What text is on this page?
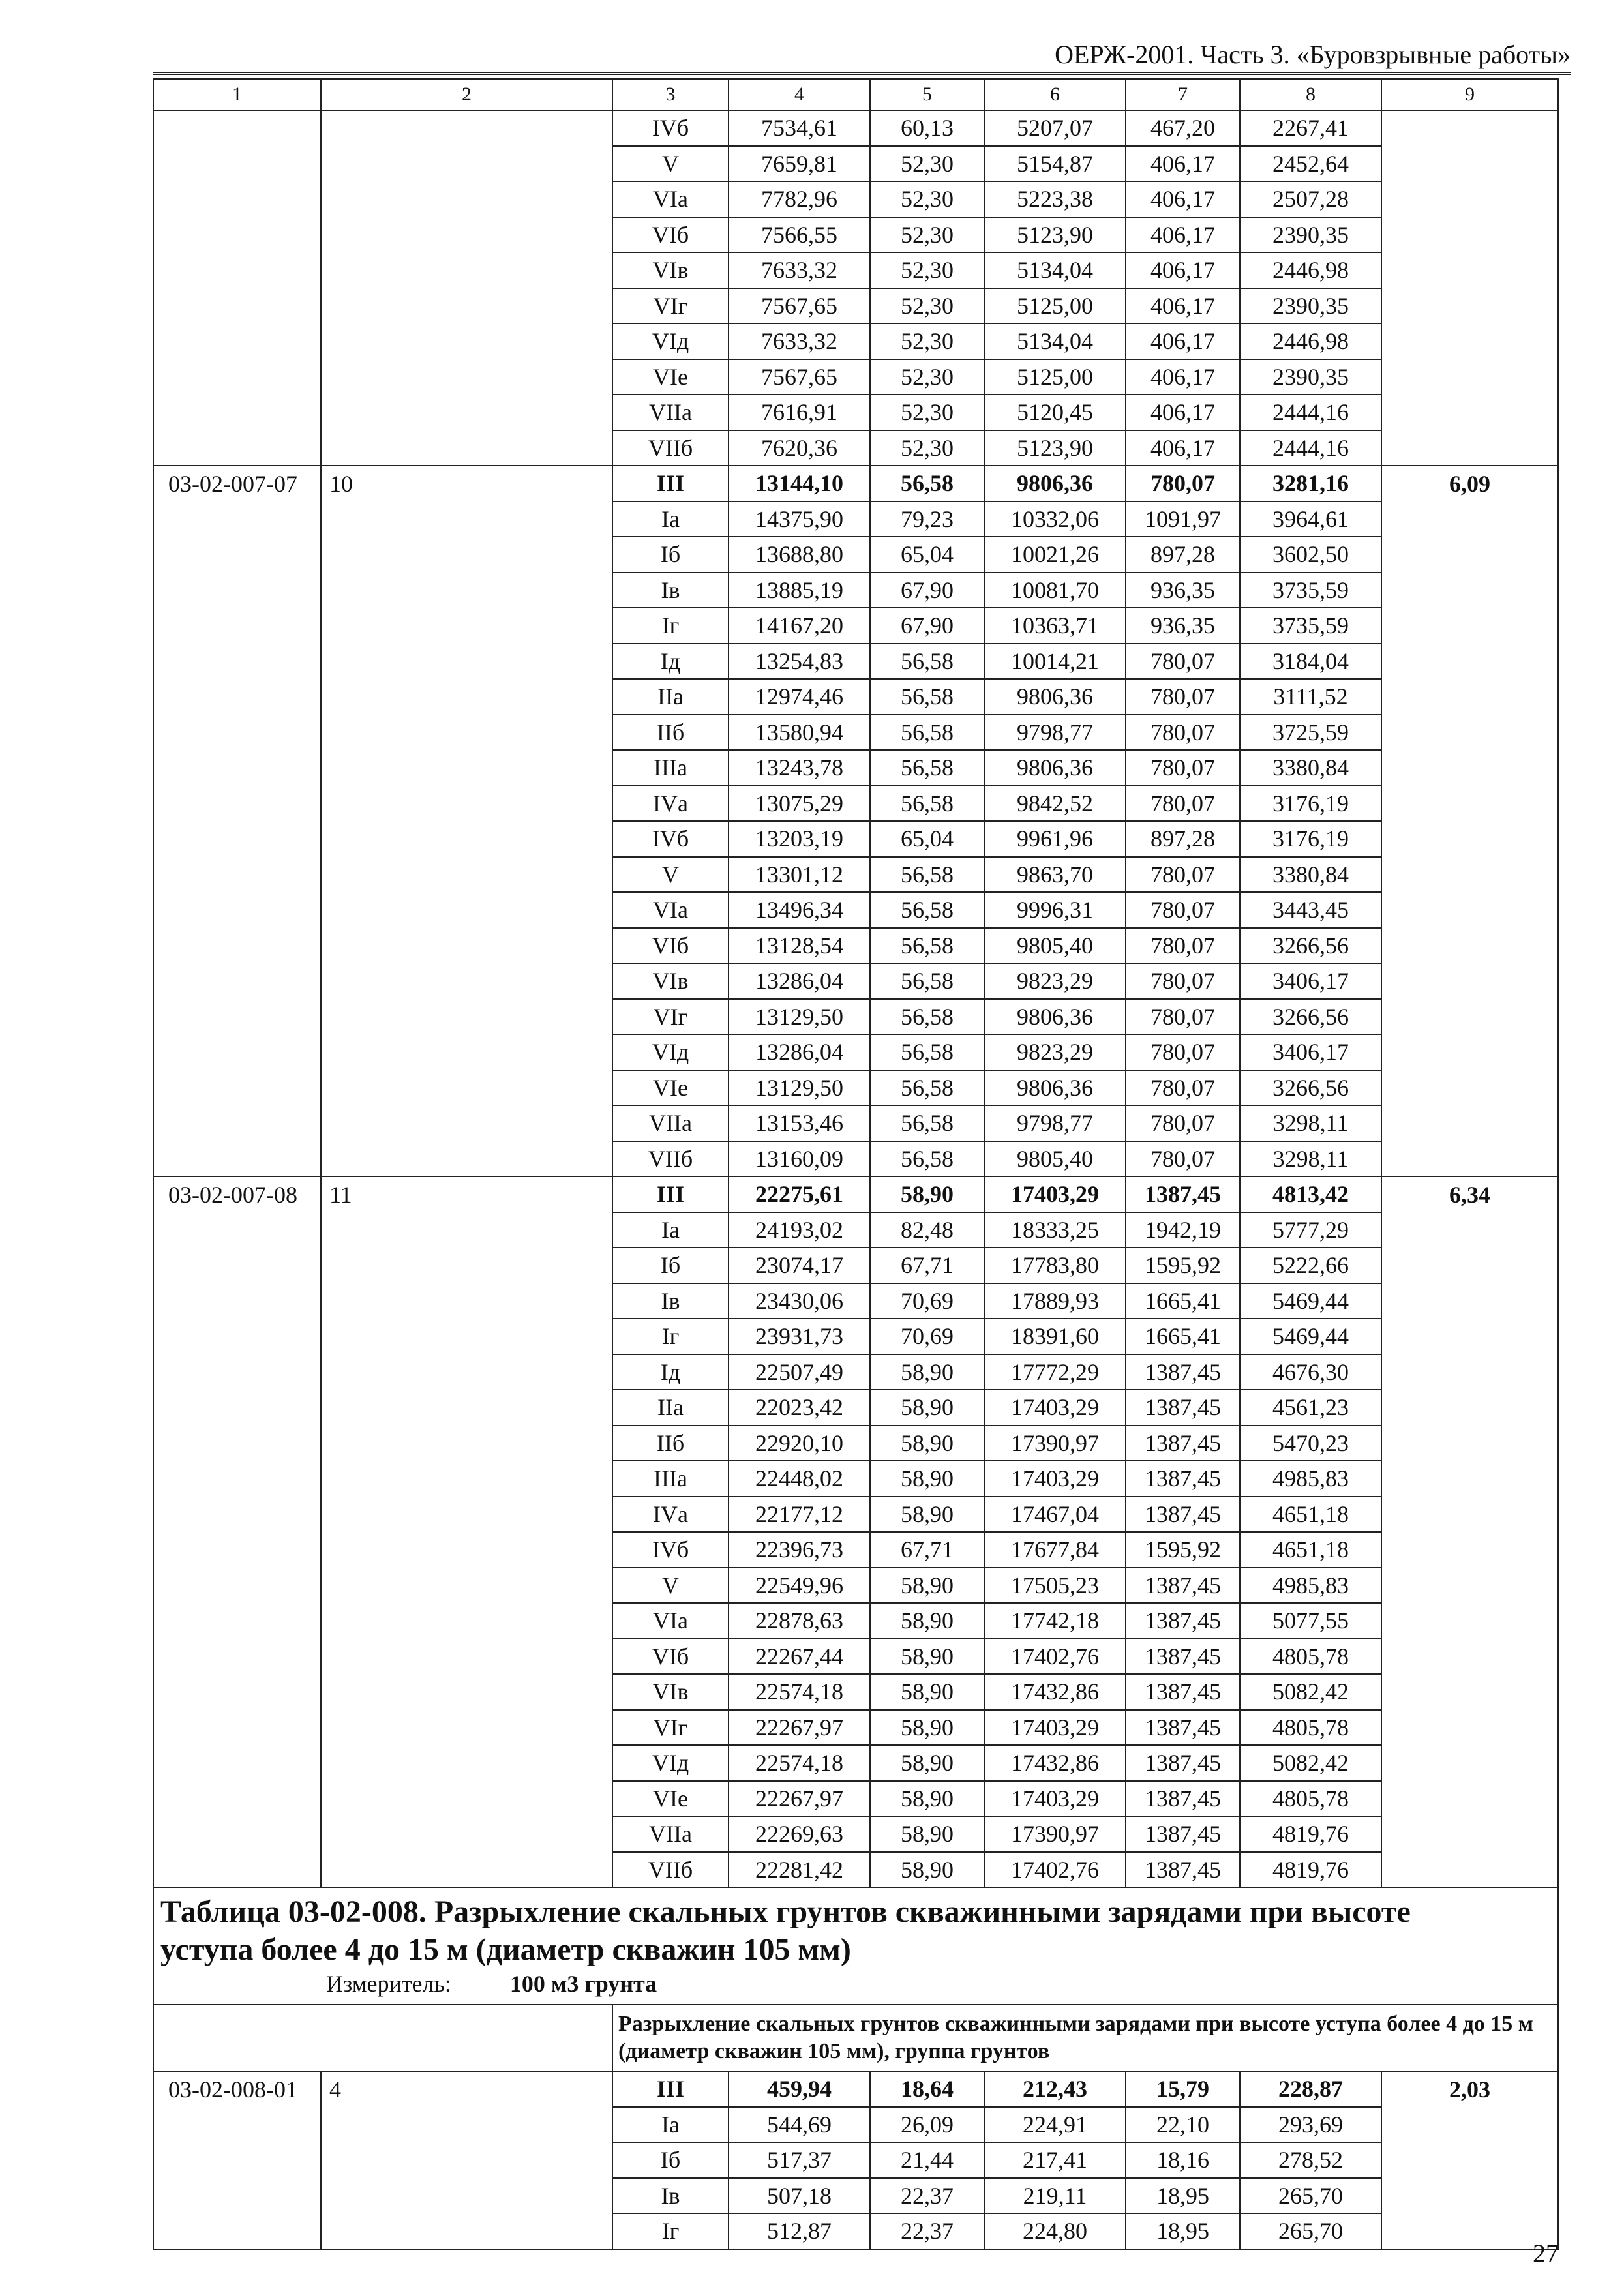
ОЕРЖ-2001. Часть 3. «Буровзрывные работы»
1	2	3	4	5	6	7	8	9
		IVб	7534,61	60,13	5207,07	467,20	2267,41	
		V	7659,81	52,30	5154,87	406,17	2452,64	
		VIа	7782,96	52,30	5223,38	406,17	2507,28	
		VIб	7566,55	52,30	5123,90	406,17	2390,35	
		VIв	7633,32	52,30	5134,04	406,17	2446,98	
		VIг	7567,65	52,30	5125,00	406,17	2390,35	
		VIд	7633,32	52,30	5134,04	406,17	2446,98	
		VIе	7567,65	52,30	5125,00	406,17	2390,35	
		VIIа	7616,91	52,30	5120,45	406,17	2444,16	
		VIIб	7620,36	52,30	5123,90	406,17	2444,16	
03-02-007-07	10	III	13144,10	56,58	9806,36	780,07	3281,16	6,09
		Iа	14375,90	79,23	10332,06	1091,97	3964,61	
		Iб	13688,80	65,04	10021,26	897,28	3602,50	
		Iв	13885,19	67,90	10081,70	936,35	3735,59	
		Iг	14167,20	67,90	10363,71	936,35	3735,59	
		Iд	13254,83	56,58	10014,21	780,07	3184,04	
		IIа	12974,46	56,58	9806,36	780,07	3111,52	
		IIб	13580,94	56,58	9798,77	780,07	3725,59	
		IIIа	13243,78	56,58	9806,36	780,07	3380,84	
		IVа	13075,29	56,58	9842,52	780,07	3176,19	
		IVб	13203,19	65,04	9961,96	897,28	3176,19	
		V	13301,12	56,58	9863,70	780,07	3380,84	
		VIа	13496,34	56,58	9996,31	780,07	3443,45	
		VIб	13128,54	56,58	9805,40	780,07	3266,56	
		VIв	13286,04	56,58	9823,29	780,07	3406,17	
		VIг	13129,50	56,58	9806,36	780,07	3266,56	
		VIд	13286,04	56,58	9823,29	780,07	3406,17	
		VIе	13129,50	56,58	9806,36	780,07	3266,56	
		VIIа	13153,46	56,58	9798,77	780,07	3298,11	
		VIIб	13160,09	56,58	9805,40	780,07	3298,11	
03-02-007-08	11	III	22275,61	58,90	17403,29	1387,45	4813,42	6,34
		Iа	24193,02	82,48	18333,25	1942,19	5777,29	
		Iб	23074,17	67,71	17783,80	1595,92	5222,66	
		Iв	23430,06	70,69	17889,93	1665,41	5469,44	
		Iг	23931,73	70,69	18391,60	1665,41	5469,44	
		Iд	22507,49	58,90	17772,29	1387,45	4676,30	
		IIа	22023,42	58,90	17403,29	1387,45	4561,23	
		IIб	22920,10	58,90	17390,97	1387,45	5470,23	
		IIIа	22448,02	58,90	17403,29	1387,45	4985,83	
		IVа	22177,12	58,90	17467,04	1387,45	4651,18	
		IVб	22396,73	67,71	17677,84	1595,92	4651,18	
		V	22549,96	58,90	17505,23	1387,45	4985,83	
		VIа	22878,63	58,90	17742,18	1387,45	5077,55	
		VIб	22267,44	58,90	17402,76	1387,45	4805,78	
		VIв	22574,18	58,90	17432,86	1387,45	5082,42	
		VIг	22267,97	58,90	17403,29	1387,45	4805,78	
		VIд	22574,18	58,90	17432,86	1387,45	5082,42	
		VIе	22267,97	58,90	17403,29	1387,45	4805,78	
		VIIа	22269,63	58,90	17390,97	1387,45	4819,76	
		VIIб	22281,42	58,90	17402,76	1387,45	4819,76	

Таблица 03-02-008. Разрыхление скальных грунтов скважинными зарядами при высоте
уступа более 4 до 15 м (диаметр скважин 105 мм)
Измеритель: 100 м3 грунта								

		Разрыхление скальных грунтов скважинными зарядами при высоте уступа более 4 до 15 м (диаметр скважин 105 мм), группа грунтов						
03-02-008-01	4	III	459,94	18,64	212,43	15,79	228,87	2,03
		Iа	544,69	26,09	224,91	22,10	293,69	
		Iб	517,37	21,44	217,41	18,16	278,52	
		Iв	507,18	22,37	219,11	18,95	265,70	
		Iг	512,87	22,37	224,80	18,95	265,70	
27
